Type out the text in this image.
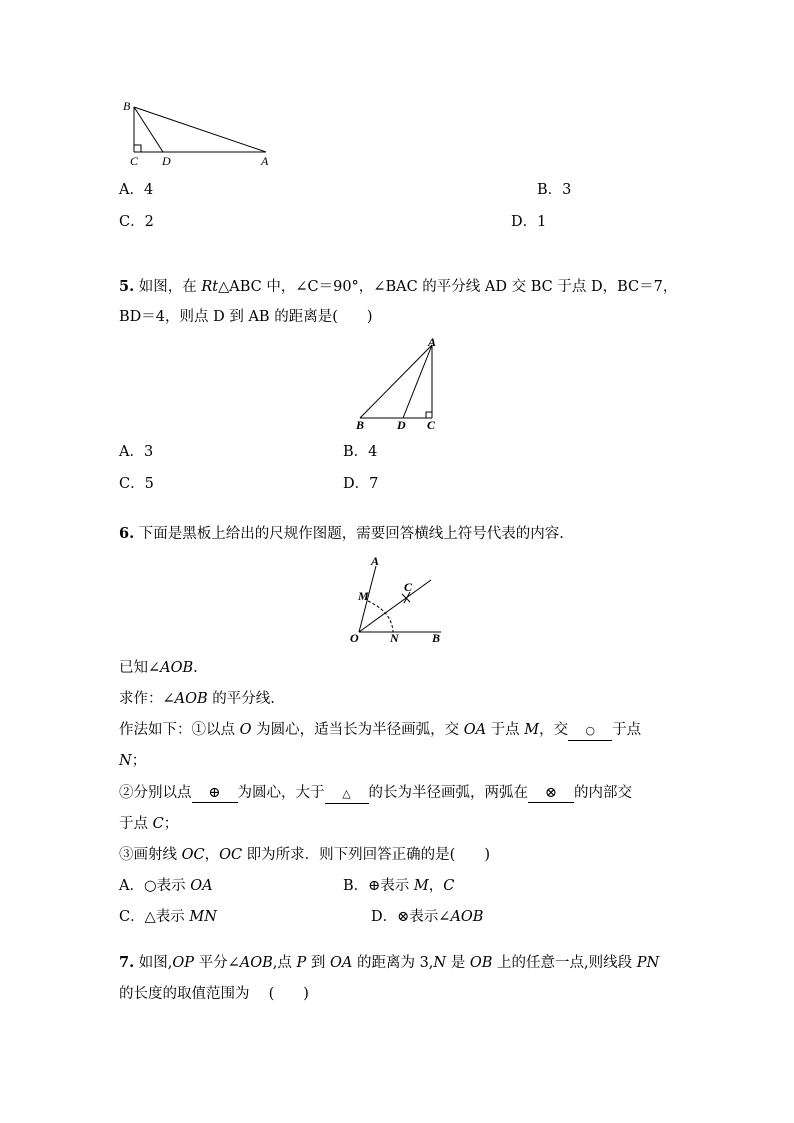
B
C D	A
A
B	D C
A
M
C
O	N	B
A．4	B．3
C．2	D．1
5. 如图，在 Rt△ABC 中，∠C＝90°，∠BAC 的平分线 AD 交 BC 于点 D，BC＝7，
BD＝4，则点 D 到 AB 的距离是(　　)
A．3	B．4
C．5	D．7
6. 下面是黑板上给出的尺规作图题，需要回答横线上符号代表的内容.
已知∠AOB.
求作：∠AOB 的平分线.
作法如下：①以点 O 为圆心，适当长为半径画弧，交 OA 于点 M，交 ○ 于点
N；
②分别以点 ⊕ 为圆心，大于 △ 的长为半径画弧，两弧在 ⊗ 的内部交
于点 C；
③画射线 OC，OC 即为所求．则下列回答正确的是(　　)
A．○表示 OA	B．⊕表示 M，C
C．△表示 MN	D．⊗表示∠AOB
7. 如图,OP 平分∠AOB,点 P 到 OA 的距离为 3,N 是 OB 上的任意一点,则线段 PN
的长度的取值范围为　 (　　)
